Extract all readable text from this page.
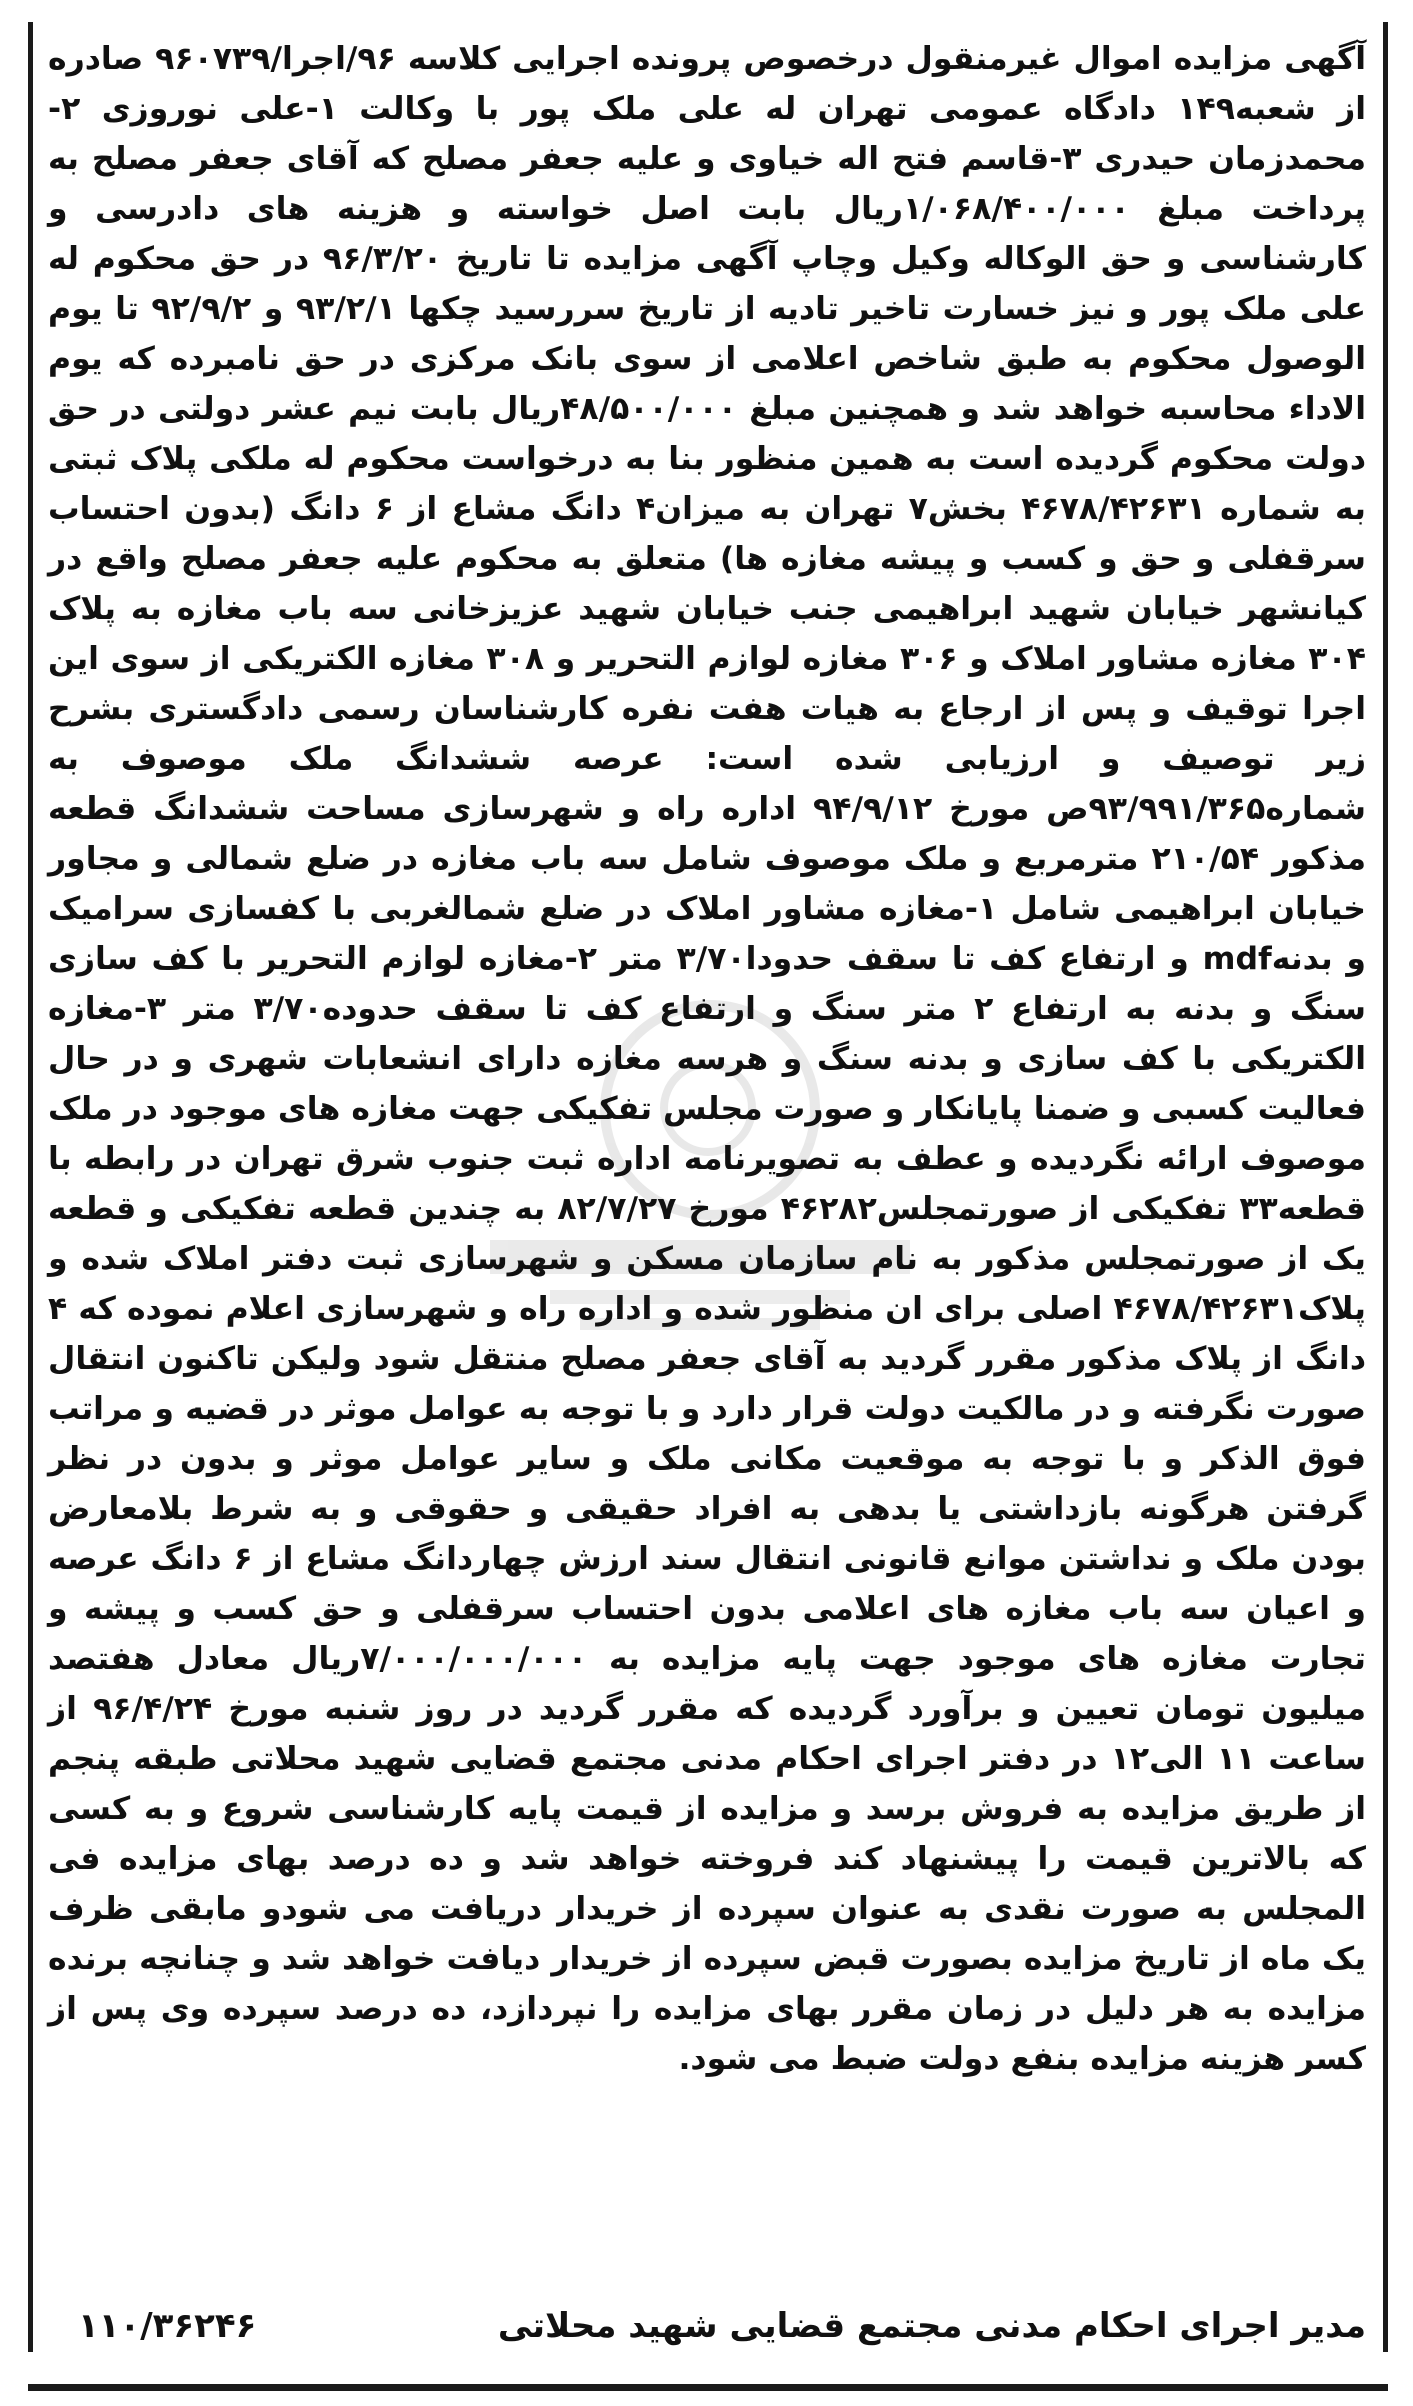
آگهی مزایده اموال غیرمنقول درخصوص پرونده اجرایی کلاسه ۹۶/اجرا/۹۶۰۷۳۹ صادره از شعبه۱۴۹ دادگاه عمومی تهران له علی ملک پور با وکالت ۱-علی نوروزی ۲-محمدزمان حیدری ۳-قاسم فتح اله خیاوی و علیه جعفر مصلح که آقای جعفر مصلح به پرداخت مبلغ ۱/۰۶۸/۴۰۰/۰۰۰ریال بابت اصل خواسته و هزینه های دادرسی و کارشناسی و حق الوکاله وکیل وچاپ آگهی مزایده تا تاریخ ۹۶/۳/۲۰ در حق محکوم له علی ملک پور و نیز خسارت تاخیر تادیه از تاریخ سررسید چکها ۹۳/۲/۱ و ۹۲/۹/۲ تا یوم الوصول محکوم به طبق شاخص اعلامی از سوی بانک مرکزی در حق نامبرده که یوم الاداء محاسبه خواهد شد و همچنین مبلغ ۴۸/۵۰۰/۰۰۰ریال بابت نیم عشر دولتی در حق دولت محکوم گردیده است به همین منظور بنا به درخواست محکوم له ملکی پلاک ثبتی به شماره ۴۶۷۸/۴۲۶۳۱ بخش۷ تهران به میزان۴ دانگ مشاع از ۶ دانگ (بدون احتساب سرقفلی و حق و کسب و پیشه مغازه ها) متعلق به محکوم علیه جعفر مصلح واقع در کیانشهر خیابان شهید ابراهیمی جنب خیابان شهید عزیزخانی سه باب مغازه به پلاک ۳۰۴ مغازه مشاور املاک و ۳۰۶ مغازه لوازم التحریر و ۳۰۸ مغازه الکتریکی از سوی این اجرا توقیف و پس از ارجاع به هیات هفت نفره کارشناسان رسمی دادگستری بشرح زیر توصیف و ارزیابی شده است: عرصه ششدانگ ملک موصوف به شماره۹۳/۹۹۱/۳۶۵ص مورخ ۹۴/۹/۱۲ اداره راه و شهرسازی مساحت ششدانگ قطعه مذکور ۲۱۰/۵۴ مترمربع و ملک موصوف شامل سه باب مغازه در ضلع شمالی و مجاور خیابان ابراهیمی شامل ۱-مغازه مشاور املاک در ضلع شمالغربی با کفسازی سرامیک و بدنهmdf و ارتفاع کف تا سقف حدودا۳/۷۰ متر ۲-مغازه لوازم التحریر با کف سازی سنگ و بدنه به ارتفاع ۲ متر سنگ و ارتفاع کف تا سقف حدوده۳/۷۰ متر ۳-مغازه الکتریکی با کف سازی و بدنه سنگ و هرسه مغازه دارای انشعابات شهری و در حال فعالیت کسبی و ضمنا پایانکار و صورت مجلس تفکیکی جهت مغازه های موجود در ملک موصوف ارائه نگردیده و عطف به تصویرنامه اداره ثبت جنوب شرق تهران در رابطه با قطعه۳۳ تفکیکی از صورتمجلس۴۶۲۸۲ مورخ ۸۲/۷/۲۷ به چندین قطعه تفکیکی و قطعه یک از صورتمجلس مذکور به نام سازمان مسکن و شهرسازی ثبت دفتر املاک شده و پلاک۴۶۷۸/۴۲۶۳۱ اصلی برای ان منظور شده و اداره راه و شهرسازی اعلام نموده که ۴ دانگ از پلاک مذکور مقرر گردید به آقای جعفر مصلح منتقل شود ولیکن تاکنون انتقال صورت نگرفته و در مالکیت دولت قرار دارد و با توجه به عوامل موثر در قضیه و مراتب فوق الذکر و با توجه به موقعیت مکانی ملک و سایر عوامل موثر و بدون در نظر گرفتن هرگونه بازداشتی یا بدهی به افراد حقیقی و حقوقی و به شرط بلامعارض بودن ملک و نداشتن موانع قانونی انتقال سند ارزش چهاردانگ مشاع از ۶ دانگ عرصه و اعیان سه باب مغازه های اعلامی بدون احتساب سرقفلی و حق کسب و پیشه و تجارت مغازه های موجود جهت پایه مزایده به ۷/۰۰۰/۰۰۰/۰۰۰ریال معادل هفتصد میلیون تومان تعیین و برآورد گردیده که مقرر گردید در روز شنبه مورخ ۹۶/۴/۲۴ از ساعت ۱۱ الی۱۲ در دفتر اجرای احکام مدنی مجتمع قضایی شهید محلاتی طبقه پنجم از طریق مزایده به فروش برسد و مزایده از قیمت پایه کارشناسی شروع و به کسی که بالاترین قیمت را پیشنهاد کند فروخته خواهد شد و ده درصد بهای مزایده فی المجلس به صورت نقدی به عنوان سپرده از خریدار دریافت می شودو مابقی ظرف یک ماه از تاریخ مزایده بصورت قبض سپرده از خریدار دیافت خواهد شد و چنانچه برنده مزایده به هر دلیل در زمان مقرر بهای مزایده را نپردازد، ده درصد سپرده وی پس از کسر هزینه مزایده بنفع دولت ضبط می شود.
مدیر اجرای احکام مدنی مجتمع قضایی شهید محلاتی
۱۱۰/۳۶۲۴۶
